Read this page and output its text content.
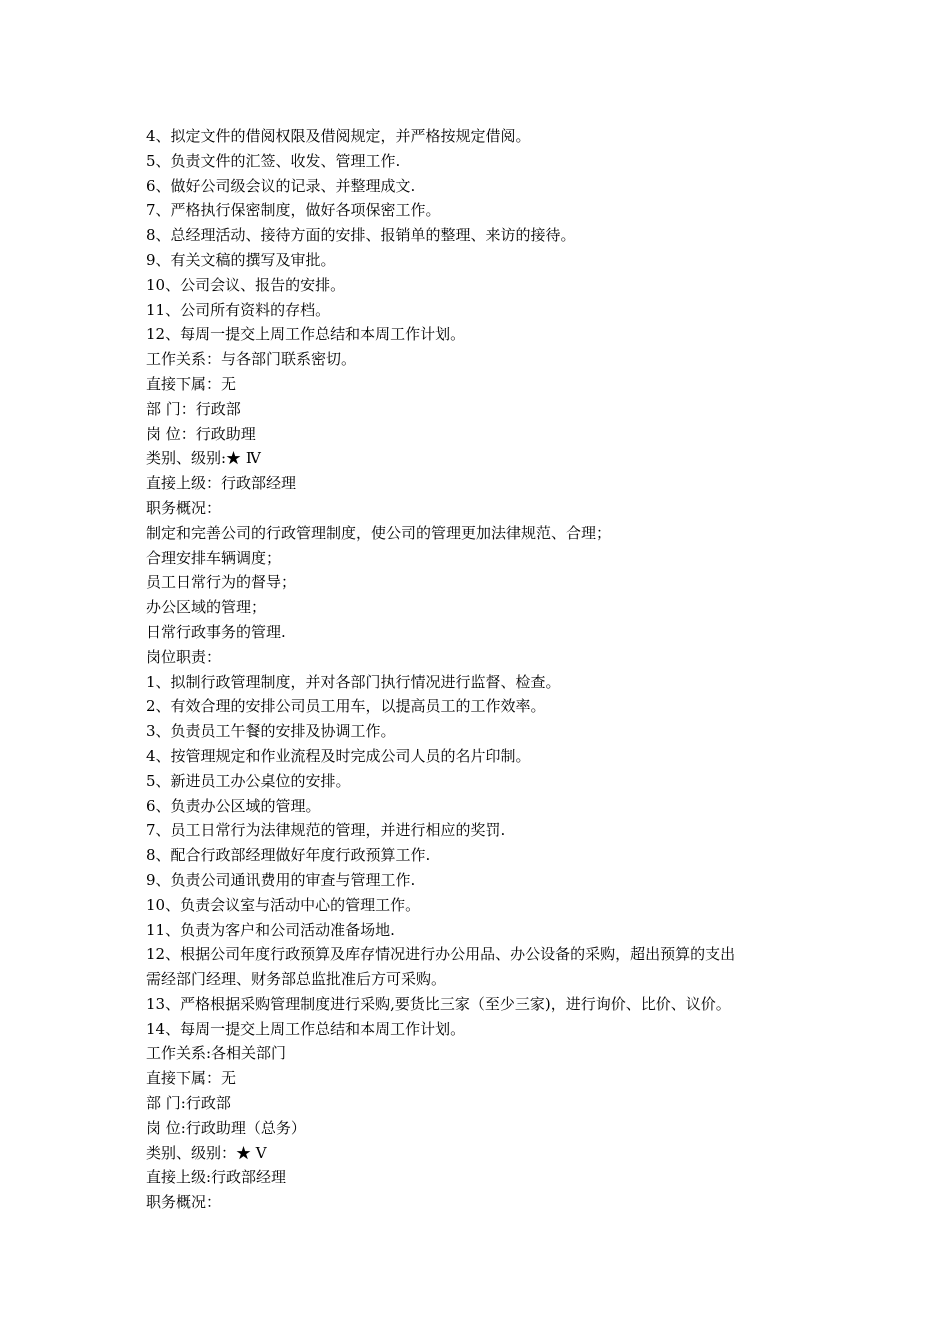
4、拟定文件的借阅权限及借阅规定，并严格按规定借阅。

5、负责文件的汇签、收发、管理工作.

6、做好公司级会议的记录、并整理成文.

7、严格执行保密制度，做好各项保密工作。

8、总经理活动、接待方面的安排、报销单的整理、来访的接待。

9、有关文稿的撰写及审批。

10、公司会议、报告的安排。

11、公司所有资料的存档。

12、每周一提交上周工作总结和本周工作计划。

工作关系：与各部门联系密切。

直接下属：无

部 门：行政部

岗 位：行政助理

类别、级别:★ Ⅳ

直接上级：行政部经理

职务概况：

制定和完善公司的行政管理制度，使公司的管理更加法律规范、合理；

合理安排车辆调度；

员工日常行为的督导；

办公区域的管理；

日常行政事务的管理.

岗位职责：

1、拟制行政管理制度，并对各部门执行情况进行监督、检查。

2、有效合理的安排公司员工用车，以提高员工的工作效率。

3、负责员工午餐的安排及协调工作。

4、按管理规定和作业流程及时完成公司人员的名片印制。

5、新进员工办公桌位的安排。

6、负责办公区域的管理。

7、员工日常行为法律规范的管理，并进行相应的奖罚.

8、配合行政部经理做好年度行政预算工作.

9、负责公司通讯费用的审查与管理工作.

10、负责会议室与活动中心的管理工作。

11、负责为客户和公司活动准备场地.

12、根据公司年度行政预算及库存情况进行办公用品、办公设备的采购，超出预算的支出

需经部门经理、财务部总监批准后方可采购。

13、严格根据采购管理制度进行采购,要货比三家（至少三家)，进行询价、比价、议价。

14、每周一提交上周工作总结和本周工作计划。

工作关系:各相关部门

直接下属：无

部 门:行政部

岗 位:行政助理（总务）

类别、级别：★ Ⅴ

直接上级:行政部经理

职务概况：
